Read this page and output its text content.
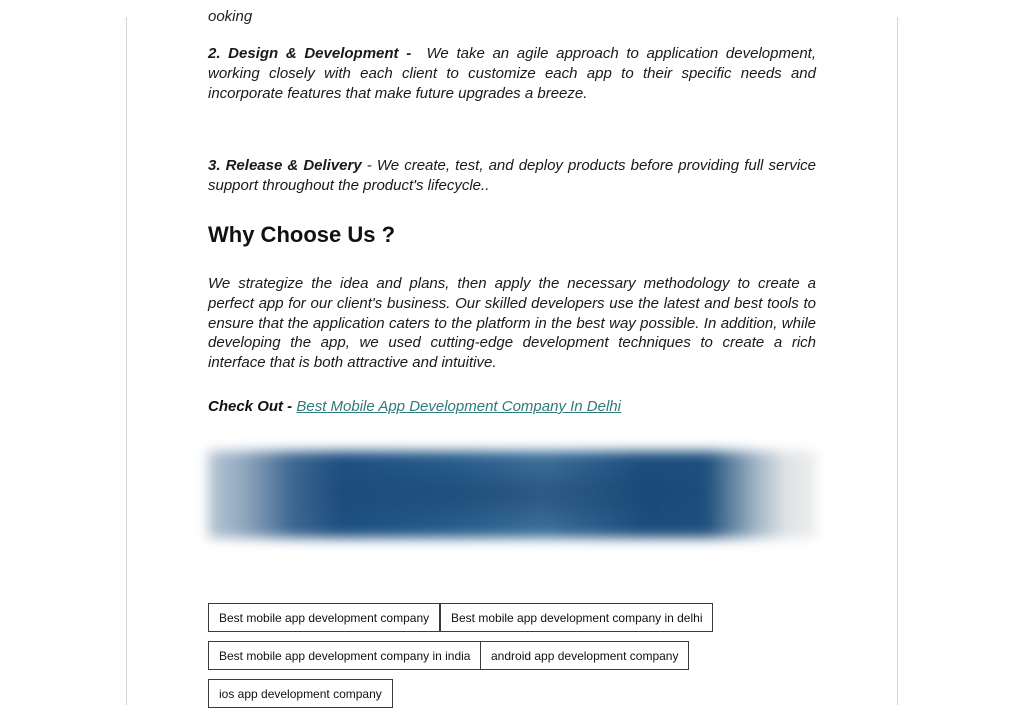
ooking

2. Design & Development - We take an agile approach to application development, working closely with each client to customize each app to their specific needs and incorporate features that make future upgrades a breeze.

3. Release & Delivery - We create, test, and deploy products before providing full service support throughout the product's lifecycle..

Why Choose Us ?

We strategize the idea and plans, then apply the necessary methodology to create a perfect app for our client's business. Our skilled developers use the latest and best tools to ensure that the application caters to the platform in the best way possible. In addition, while developing the app, we used cutting-edge development techniques to create a rich interface that is both attractive and intuitive.

Check Out - Best Mobile App Development Company In Delhi
Best mobile app development company	Best mobile app development company in delhi
Best mobile app development company in india	android app development company
ios app development company
